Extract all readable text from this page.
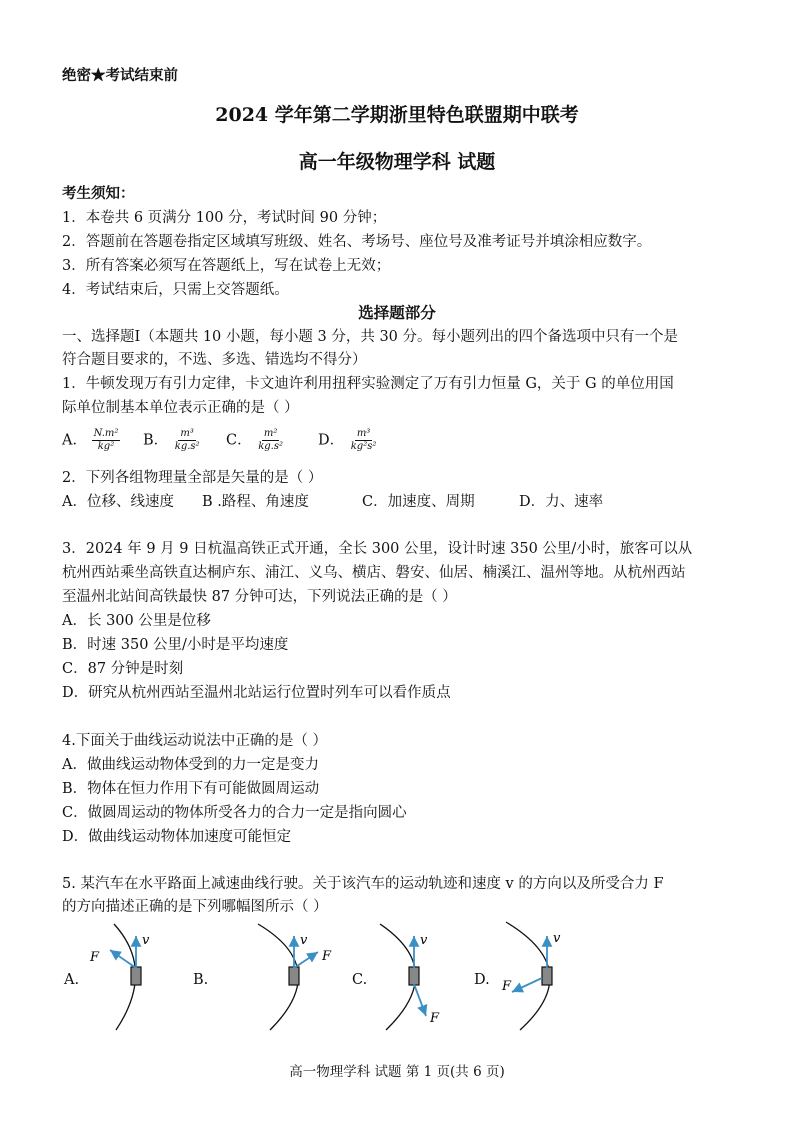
绝密★考试结束前
2024 学年第二学期浙里特色联盟期中联考
高一年级物理学科 试题
考生须知：
1．本卷共 6 页满分 100 分，考试时间 90 分钟；
2．答题前在答题卷指定区域填写班级、姓名、考场号、座位号及准考证号并填涂相应数字。
3．所有答案必须写在答题纸上，写在试卷上无效；
4．考试结束后，只需上交答题纸。
选择题部分
一、选择题Ⅰ（本题共 10 小题，每小题 3 分，共 30 分。每小题列出的四个备选项中只有一个是
符合题目要求的，不选、多选、错选均不得分）
1．牛顿发现万有引力定律，卡文迪许利用扭秤实验测定了万有引力恒量 G，关于 G 的单位用国
际单位制基本单位表示正确的是（ ）
A． $\frac{\text{N.m²}}{\text{kg²}}$ B． $\frac{\text{m³}}{\text{kg.s²}}$ C． $\frac{\text{m²}}{\text{kg.s²}}$ D． $\frac{\text{m³}}{\text{kg²s²}}$
2．下列各组物理量全部是矢量的是（ ）
A．位移、线速度 B .路程、角速度	C．加速度、周期	D．力、速率
3．2024 年 9 月 9 日杭温高铁正式开通，全长 300 公里，设计时速 350 公里/小时，旅客可以从
杭州西站乘坐高铁直达桐庐东、浦江、义乌、横店、磐安、仙居、楠溪江、温州等地。从杭州西站
至温州北站间高铁最快 87 分钟可达，下列说法正确的是（ ）
A．长 300 公里是位移
B．时速 350 公里/小时是平均速度
C．87 分钟是时刻
D．研究从杭州西站至温州北站运行位置时列车可以看作质点
4.下面关于曲线运动说法中正确的是（ ）
A．做曲线运动物体受到的力一定是变力
B．物体在恒力作用下有可能做圆周运动
C．做圆周运动的物体所受各力的合力一定是指向圆心
D．做曲线运动物体加速度可能恒定
5. 某汽车在水平路面上减速曲线行驶。关于该汽车的运动轨迹和速度 v 的方向以及所受合力 F
的方向描述正确的是下列哪幅图所示（ ）
A.
v
F
B.
v
F
C.
v
F
D.
v
F
高一物理学科 试题 第 1 页(共 6 页)
